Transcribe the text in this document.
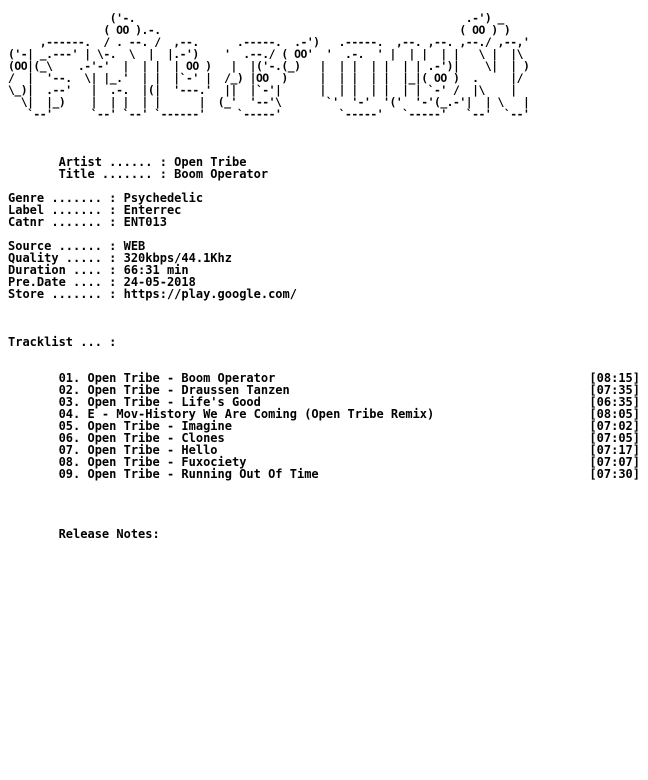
('-.                                                    .-') _
( OO ).-.                                               ( OO ) )
,------.  / . --. /  ,--.      .-----.  .-')   .-----.  ,--. ,--. ,--./ ,--,'
('-| _.---' | \-.  \  |  |.-')    '  .--./ ( OO'  '  .-.  ' |  | |  | |   \ |  |\
(OO|(_\    .-'-'  |  | |  | OO )   |  |('-.(_)   |  | |  | |  | | .-')|    \|  | )
/  |  '--.  \| |_.'  | |  |`-' |  /_) |OO  )     |  | |  | |  |_|( OO )  .     |/
\_)|  .--'   |  .-.  |(|  '---.'  ||  |`-'|      |  | |  | |  | | `-' /  |\    |
\|  |_)    |  | |  | |      |  (_'  '--'\       `'  '-'  '('  '-'(_.-'|  | \   |
`--'      `--' `--' `------'     `-----'         `-----'   `-----'   `--'  `--'
Artist ...... : Open Tribe
Title ....... : Boom Operator
Genre ....... : Psychedelic
Label ....... : Enterrec
Catnr ....... : ENT013
Source ...... : WEB
Quality ..... : 320kbps/44.1Khz
Duration .... : 66:31 min
Pre.Date .... : 24-05-2018
Store ....... : https://play.google.com/
Tracklist ... :
01. Open Tribe - Boom Operator	[08:15]
02. Open Tribe - Draussen Tanzen	[07:35]
03. Open Tribe - Life's Good	[06:35]
04. E - Mov-History We Are Coming (Open Tribe Remix)	[08:05]
05. Open Tribe - Imagine	[07:02]
06. Open Tribe - Clones	[07:05]
07. Open Tribe - Hello	[07:17]
08. Open Tribe - Fuxociety	[07:07]
09. Open Tribe - Running Out Of Time	[07:30]
Release Notes:
